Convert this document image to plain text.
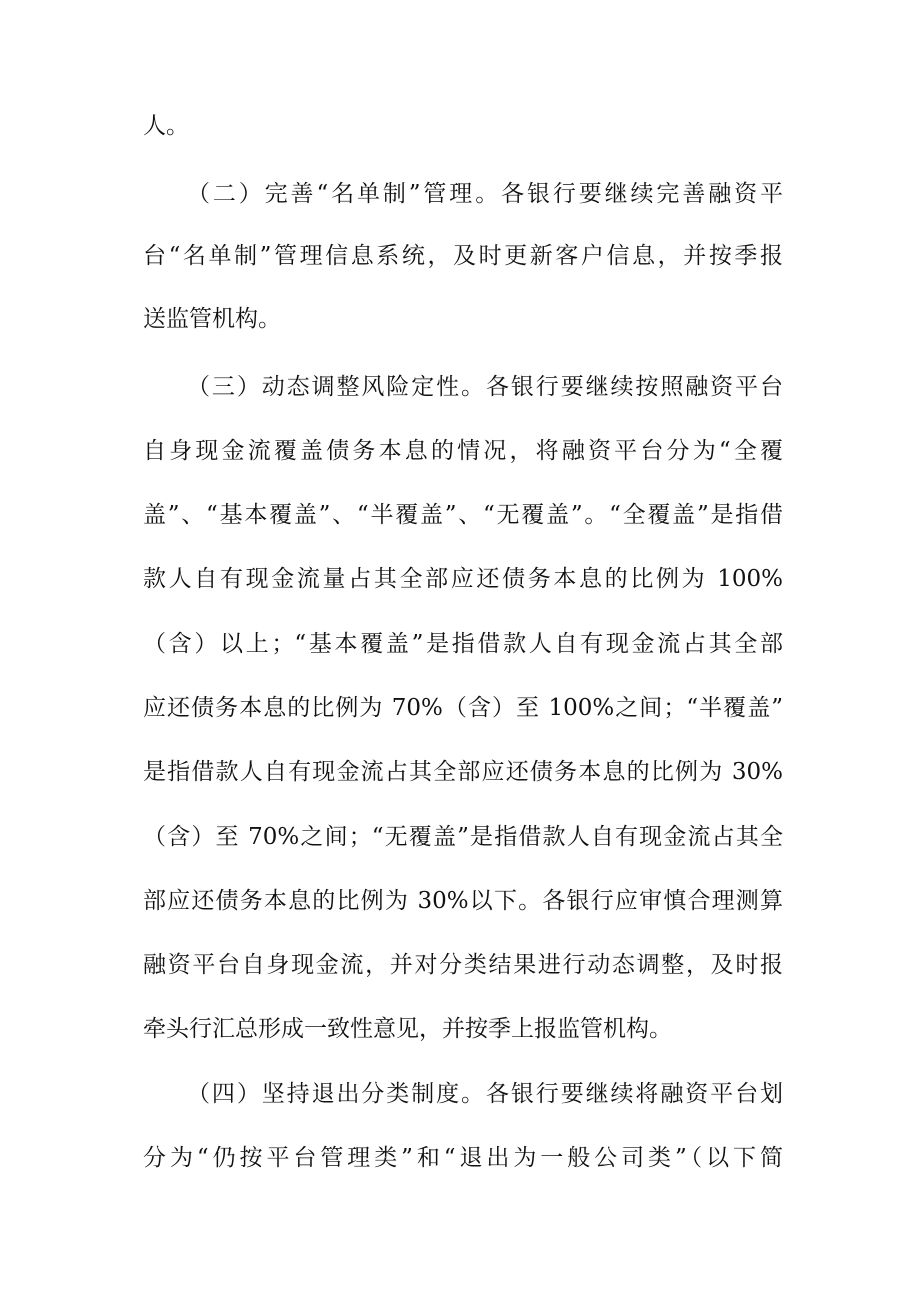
人。
（二）完善“名单制”管理。各银行要继续完善融资平
台“名单制”管理信息系统，及时更新客户信息，并按季报
送监管机构。
（三）动态调整风险定性。各银行要继续按照融资平台
自身现金流覆盖债务本息的情况，将融资平台分为“全覆
盖”、“基本覆盖”、“半覆盖”、“无覆盖”。“全覆盖”是指借
款人自有现金流量占其全部应还债务本息的比例为 100%
（含）以上；“基本覆盖”是指借款人自有现金流占其全部
应还债务本息的比例为 70%（含）至 100%之间；“半覆盖”
是指借款人自有现金流占其全部应还债务本息的比例为 30%
（含）至 70%之间；“无覆盖”是指借款人自有现金流占其全
部应还债务本息的比例为 30%以下。各银行应审慎合理测算
融资平台自身现金流，并对分类结果进行动态调整，及时报
牵头行汇总形成一致性意见，并按季上报监管机构。
（四）坚持退出分类制度。各银行要继续将融资平台划
分为“仍按平台管理类”和“退出为一般公司类”（以下简
